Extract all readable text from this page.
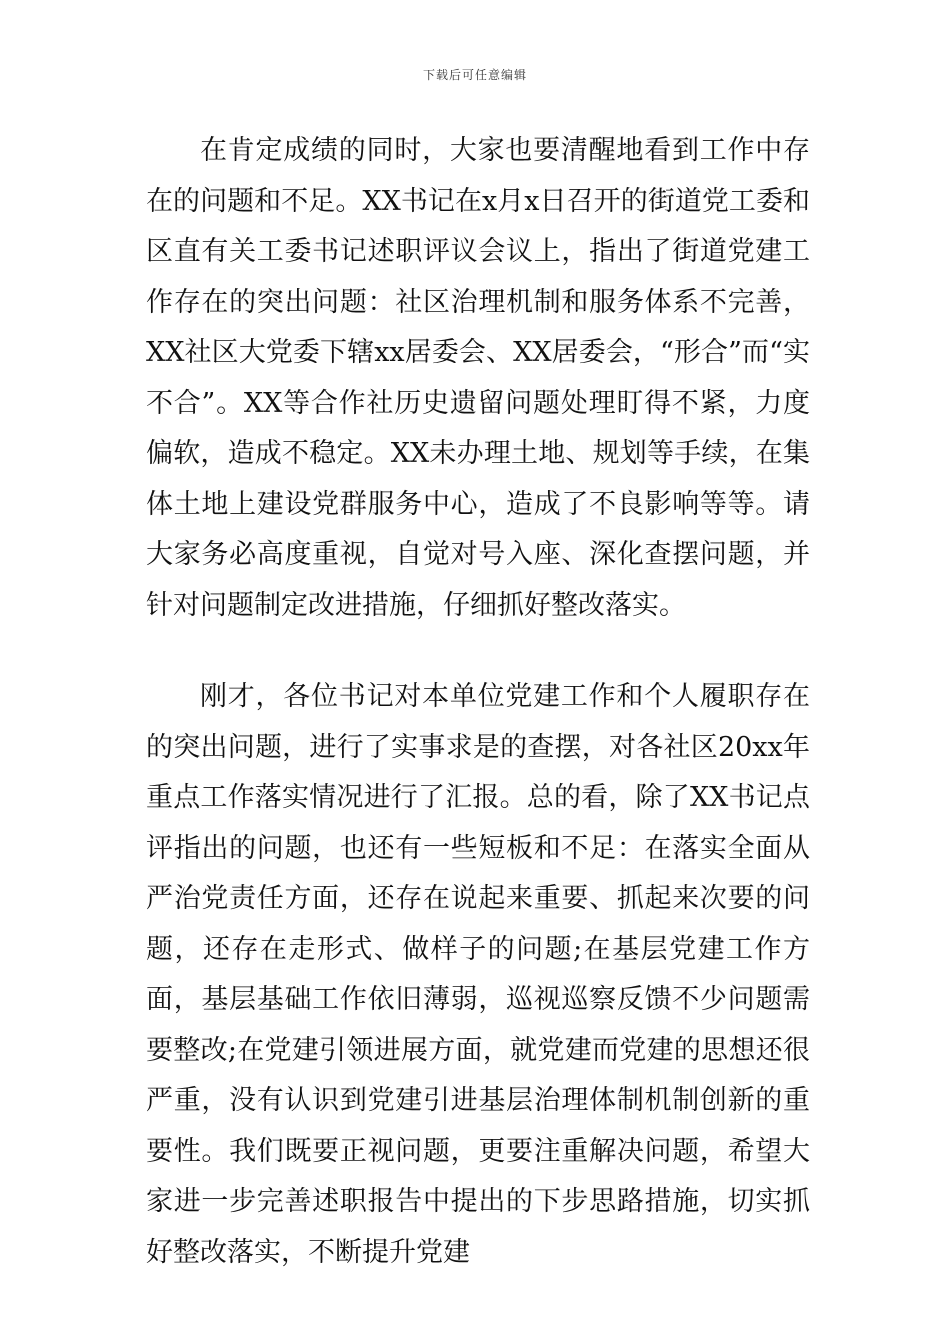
下载后可任意编辑

在肯定成绩的同时，大家也要清醒地看到工作中存在的问题和不足。XX书记在x月x日召开的街道党工委和区直有关工委书记述职评议会议上，指出了街道党建工作存在的突出问题：社区治理机制和服务体系不完善，XX社区大党委下辖xx居委会、XX居委会，“形合”而“实不合”。XX等合作社历史遗留问题处理盯得不紧，力度偏软，造成不稳定。XX未办理土地、规划等手续，在集体土地上建设党群服务中心，造成了不良影响等等。请大家务必高度重视，自觉对号入座、深化查摆问题，并针对问题制定改进措施，仔细抓好整改落实。

刚才，各位书记对本单位党建工作和个人履职存在的突出问题，进行了实事求是的查摆，对各社区20xx年重点工作落实情况进行了汇报。总的看，除了XX书记点评指出的问题，也还有一些短板和不足：在落实全面从严治党责任方面，还存在说起来重要、抓起来次要的问题，还存在走形式、做样子的问题;在基层党建工作方面，基层基础工作依旧薄弱，巡视巡察反馈不少问题需要整改;在党建引领进展方面，就党建而党建的思想还很严重，没有认识到党建引进基层治理体制机制创新的重要性。我们既要正视问题，更要注重解决问题，希望大家进一步完善述职报告中提出的下步思路措施，切实抓好整改落实，不断提升党建
